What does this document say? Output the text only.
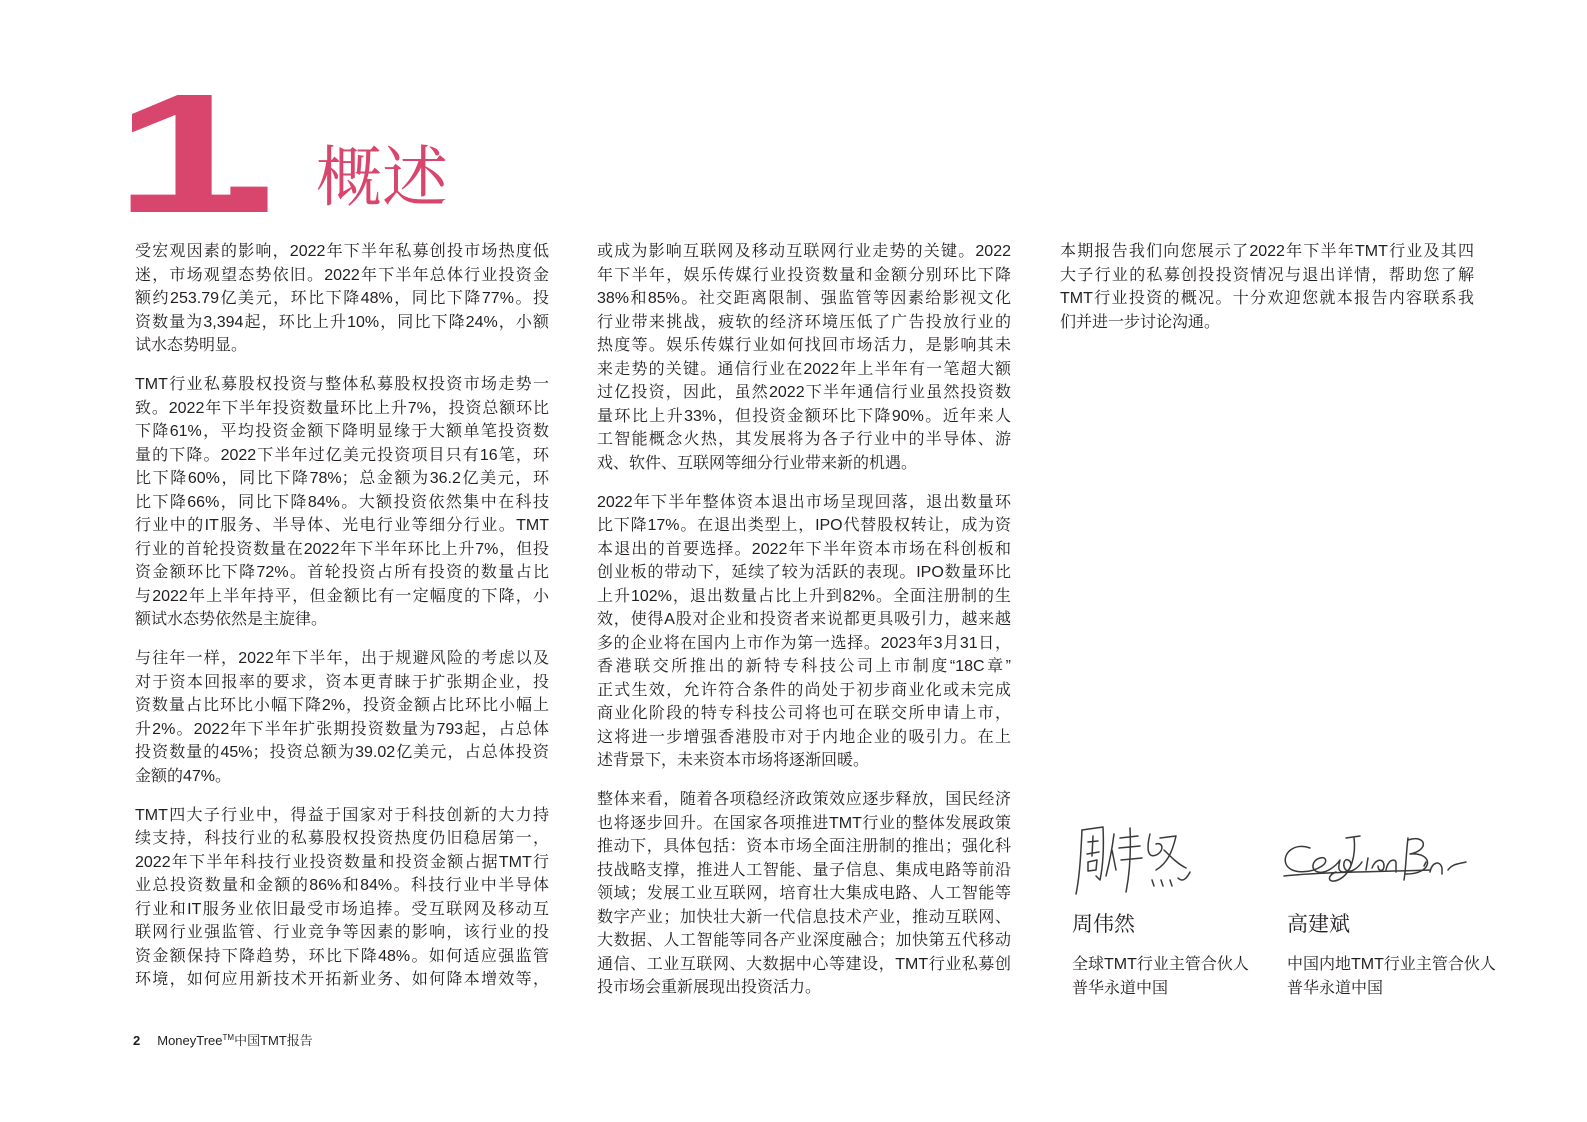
1. 概述
受宏观因素的影响，2022年下半年私募创投市场热度低
迷，市场观望态势依旧。2022年下半年总体行业投资金
额约253.79亿美元，环比下降48%，同比下降77%。投
资数量为3,394起，环比上升10%，同比下降24%，小额
试水态势明显。
TMT行业私募股权投资与整体私募股权投资市场走势一
致。2022年下半年投资数量环比上升7%，投资总额环比
下降61%，平均投资金额下降明显缘于大额单笔投资数
量的下降。2022下半年过亿美元投资项目只有16笔，环
比下降60%，同比下降78%；总金额为36.2亿美元，环
比下降66%，同比下降84%。大额投资依然集中在科技
行业中的IT服务、半导体、光电行业等细分行业。TMT
行业的首轮投资数量在2022年下半年环比上升7%，但投
资金额环比下降72%。首轮投资占所有投资的数量占比
与2022年上半年持平，但金额比有一定幅度的下降，小
额试水态势依然是主旋律。
与往年一样，2022年下半年，出于规避风险的考虑以及
对于资本回报率的要求，资本更青睐于扩张期企业，投
资数量占比环比小幅下降2%，投资金额占比环比小幅上
升2%。2022年下半年扩张期投资数量为793起，占总体
投资数量的45%；投资总额为39.02亿美元，占总体投资
金额的47%。
TMT四大子行业中，得益于国家对于科技创新的大力持
续支持，科技行业的私募股权投资热度仍旧稳居第一，
2022年下半年科技行业投资数量和投资金额占据TMT行
业总投资数量和金额的86%和84%。科技行业中半导体
行业和IT服务业依旧最受市场追捧。受互联网及移动互
联网行业强监管、行业竞争等因素的影响，该行业的投
资金额保持下降趋势，环比下降48%。如何适应强监管
环境，如何应用新技术开拓新业务、如何降本增效等，
或成为影响互联网及移动互联网行业走势的关键。2022
年下半年，娱乐传媒行业投资数量和金额分别环比下降
38%和85%。社交距离限制、强监管等因素给影视文化
行业带来挑战，疲软的经济环境压低了广告投放行业的
热度等。娱乐传媒行业如何找回市场活力，是影响其未
来走势的关键。通信行业在2022年上半年有一笔超大额
过亿投资，因此，虽然2022下半年通信行业虽然投资数
量环比上升33%，但投资金额环比下降90%。近年来人
工智能概念火热，其发展将为各子行业中的半导体、游
戏、软件、互联网等细分行业带来新的机遇。
2022年下半年整体资本退出市场呈现回落，退出数量环
比下降17%。在退出类型上，IPO代替股权转让，成为资
本退出的首要选择。2022年下半年资本市场在科创板和
创业板的带动下，延续了较为活跃的表现。IPO数量环比
上升102%，退出数量占比上升到82%。全面注册制的生
效，使得A股对企业和投资者来说都更具吸引力，越来越
多的企业将在国内上市作为第一选择。2023年3月31日，
香港联交所推出的新特专科技公司上市制度“18C章”
正式生效，允许符合条件的尚处于初步商业化或未完成
商业化阶段的特专科技公司将也可在联交所申请上市，
这将进一步增强香港股市对于内地企业的吸引力。在上
述背景下，未来资本市场将逐渐回暖。
整体来看，随着各项稳经济政策效应逐步释放，国民经济
也将逐步回升。在国家各项推进TMT行业的整体发展政策
推动下，具体包括：资本市场全面注册制的推出；强化科
技战略支撑，推进人工智能、量子信息、集成电路等前沿
领域；发展工业互联网，培育壮大集成电路、人工智能等
数字产业；加快壮大新一代信息技术产业，推动互联网、
大数据、人工智能等同各产业深度融合；加快第五代移动
通信、工业互联网、大数据中心等建设，TMT行业私募创
投市场会重新展现出投资活力。
本期报告我们向您展示了2022年下半年TMT行业及其四
大子行业的私募创投投资情况与退出详情，帮助您了解
TMT行业投资的概况。十分欢迎您就本报告内容联系我
们并进一步讨论沟通。
周伟然
全球TMT行业主管合伙人
普华永道中国
高建斌
中国内地TMT行业主管合伙人
普华永道中国
2 MoneyTree™中国TMT报告
